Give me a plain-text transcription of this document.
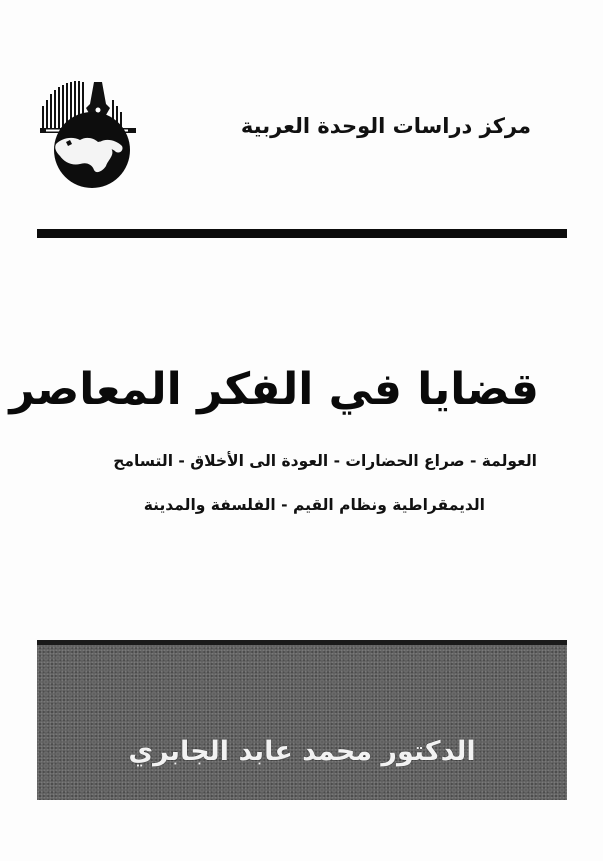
مركز دراسات الوحدة العربية
قضايا في الفكر المعاصر
العولمة - صراع الحضارات - العودة الى الأخلاق - التسامح
الديمقراطية ونظام القيم - الفلسفة والمدينة
الدكتور محمد عابد الجابري
